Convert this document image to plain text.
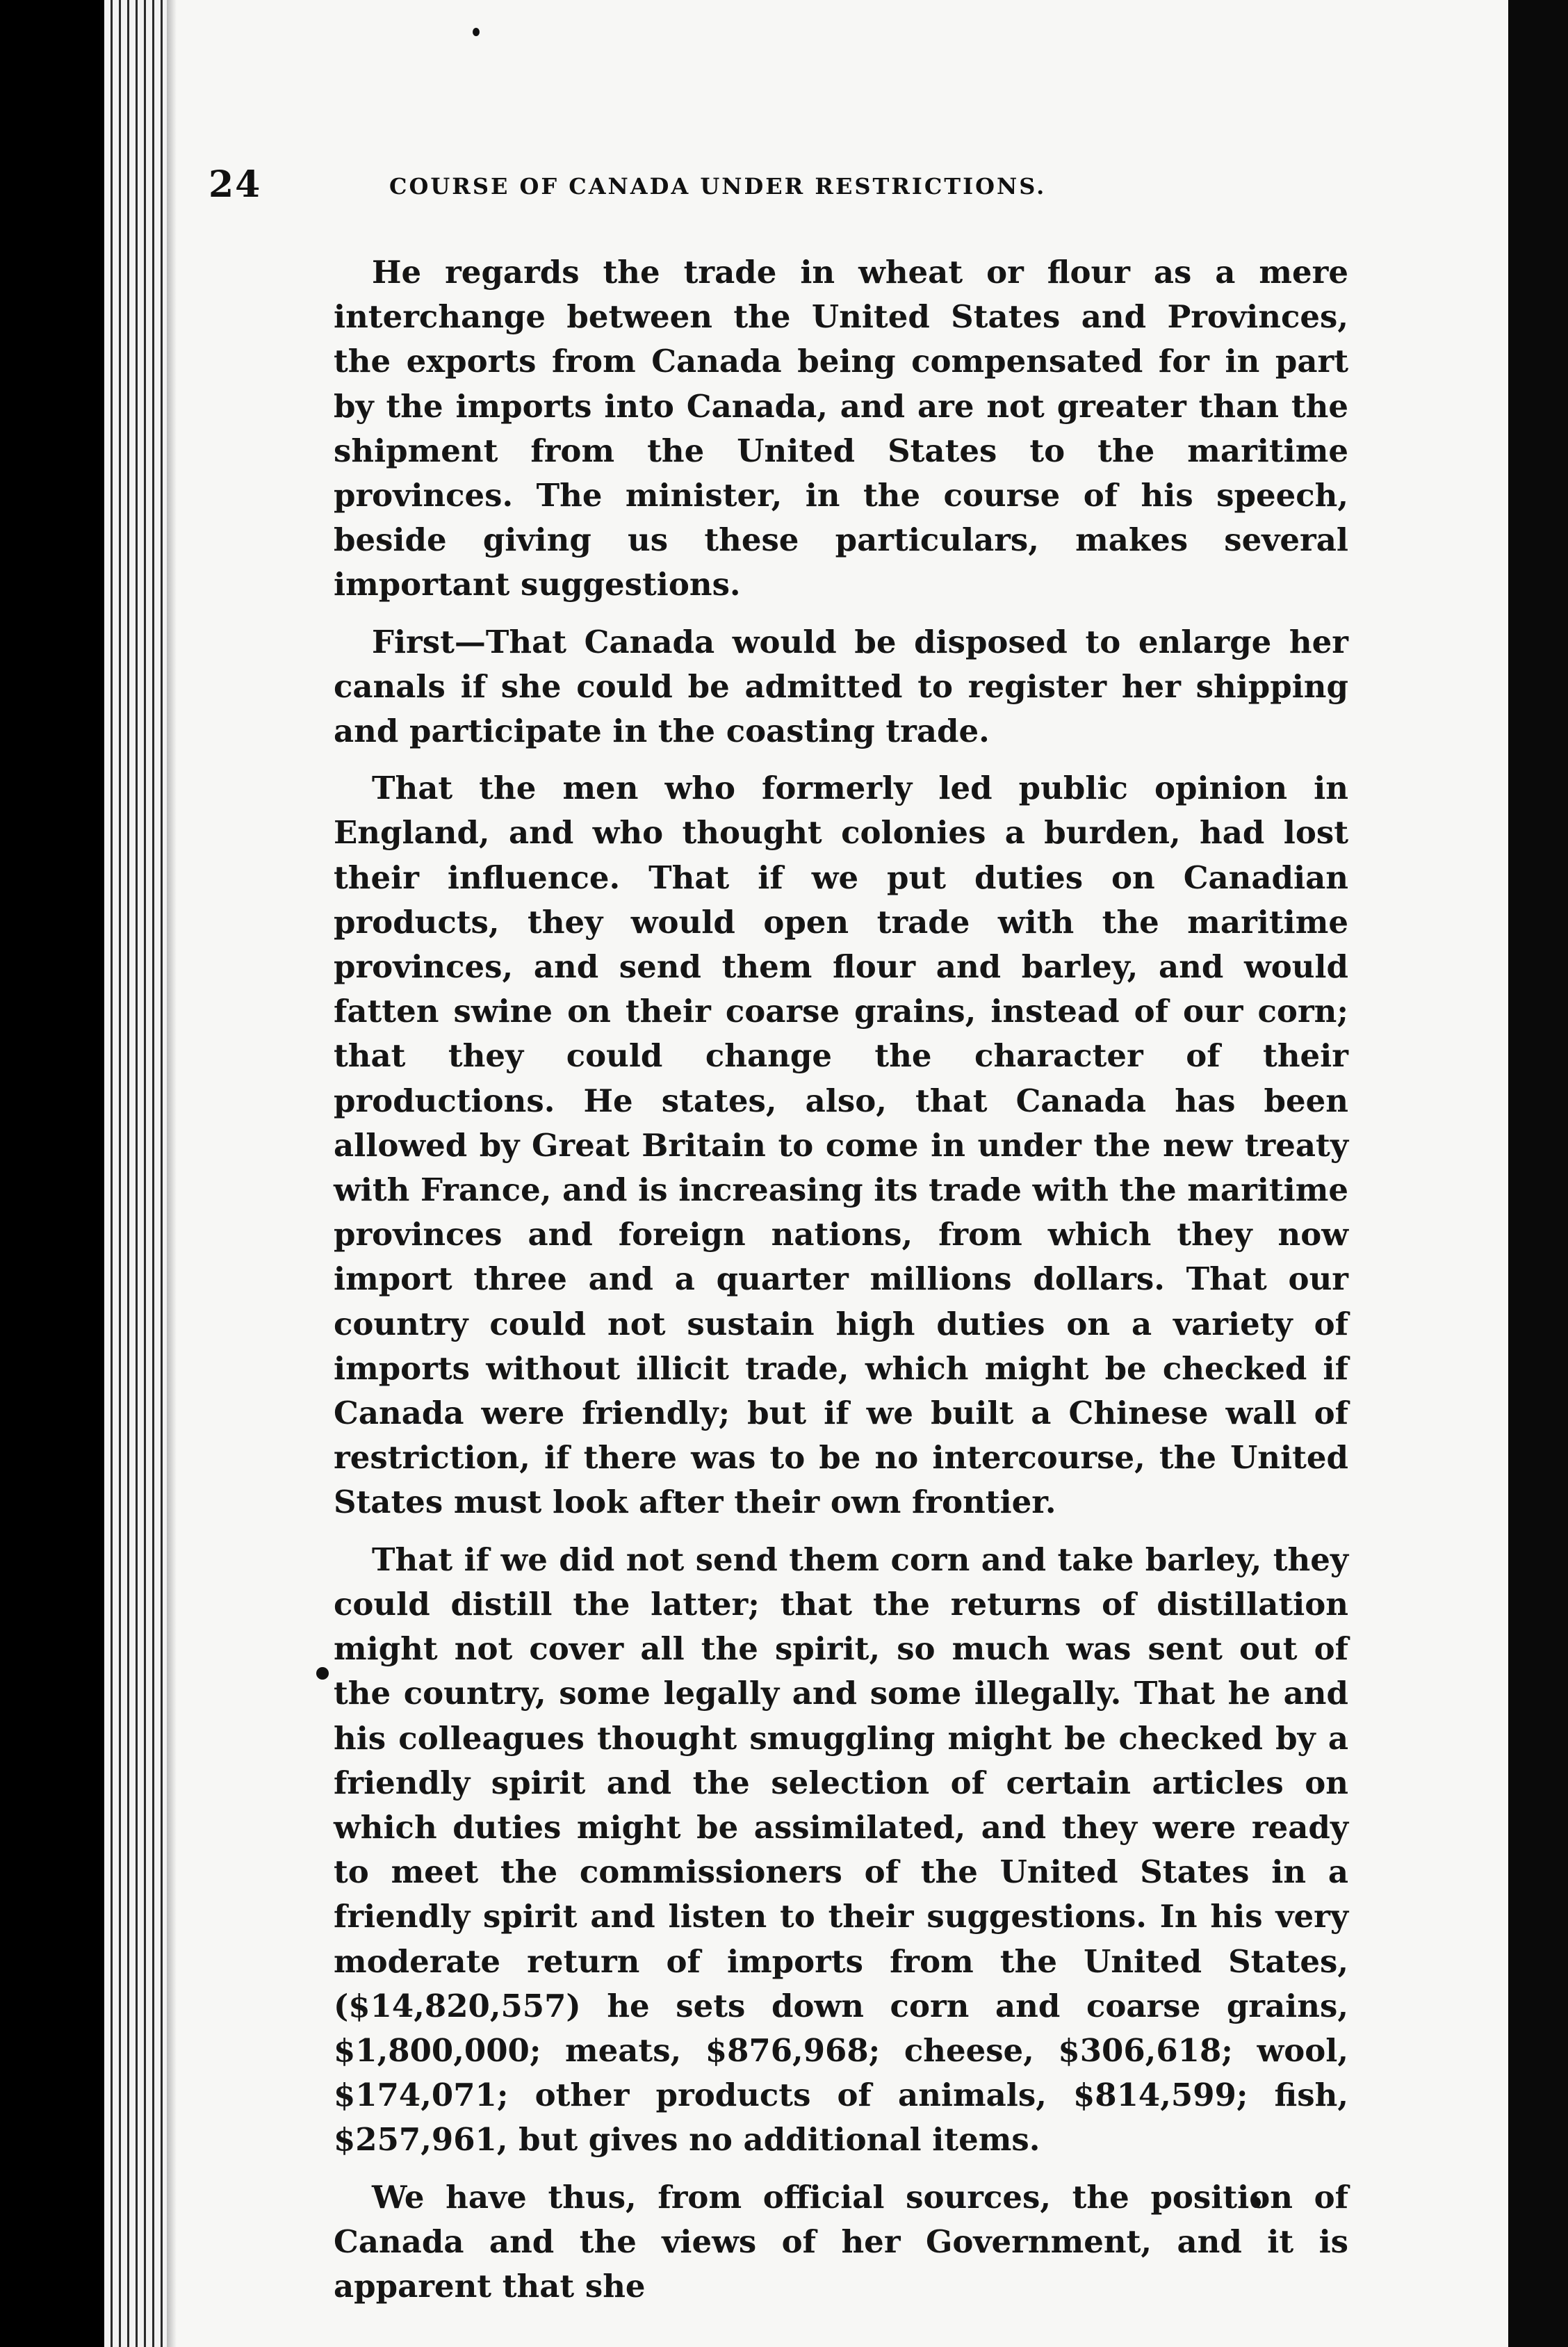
24	COURSE OF CANADA UNDER RESTRICTIONS.

He regards the trade in wheat or flour as a mere interchange between the United States and Provinces, the exports from Canada being compensated for in part by the imports into Canada, and are not greater than the shipment from the United States to the maritime provinces. The minister, in the course of his speech, beside giving us these particulars, makes several important suggestions.

First—That Canada would be disposed to enlarge her canals if she could be admitted to register her shipping and participate in the coasting trade.

That the men who formerly led public opinion in England, and who thought colonies a burden, had lost their influence. That if we put duties on Canadian products, they would open trade with the maritime provinces, and send them flour and barley, and would fatten swine on their coarse grains, instead of our corn; that they could change the character of their productions. He states, also, that Canada has been allowed by Great Britain to come in under the new treaty with France, and is increasing its trade with the maritime provinces and foreign nations, from which they now import three and a quarter millions dollars. That our country could not sustain high duties on a variety of imports without illicit trade, which might be checked if Canada were friendly; but if we built a Chinese wall of restriction, if there was to be no intercourse, the United States must look after their own frontier.

That if we did not send them corn and take barley, they could distill the latter; that the returns of distillation might not cover all the spirit, so much was sent out of the country, some legally and some illegally. That he and his colleagues thought smuggling might be checked by a friendly spirit and the selection of certain articles on which duties might be assimilated, and they were ready to meet the commissioners of the United States in a friendly spirit and listen to their suggestions. In his very moderate return of imports from the United States, ($14,820,557) he sets down corn and coarse grains, $1,800,000; meats, $876,968; cheese, $306,618; wool, $174,071; other products of animals, $814,599; fish, $257,961, but gives no additional items.

We have thus, from official sources, the position of Canada and the views of her Government, and it is apparent that she
